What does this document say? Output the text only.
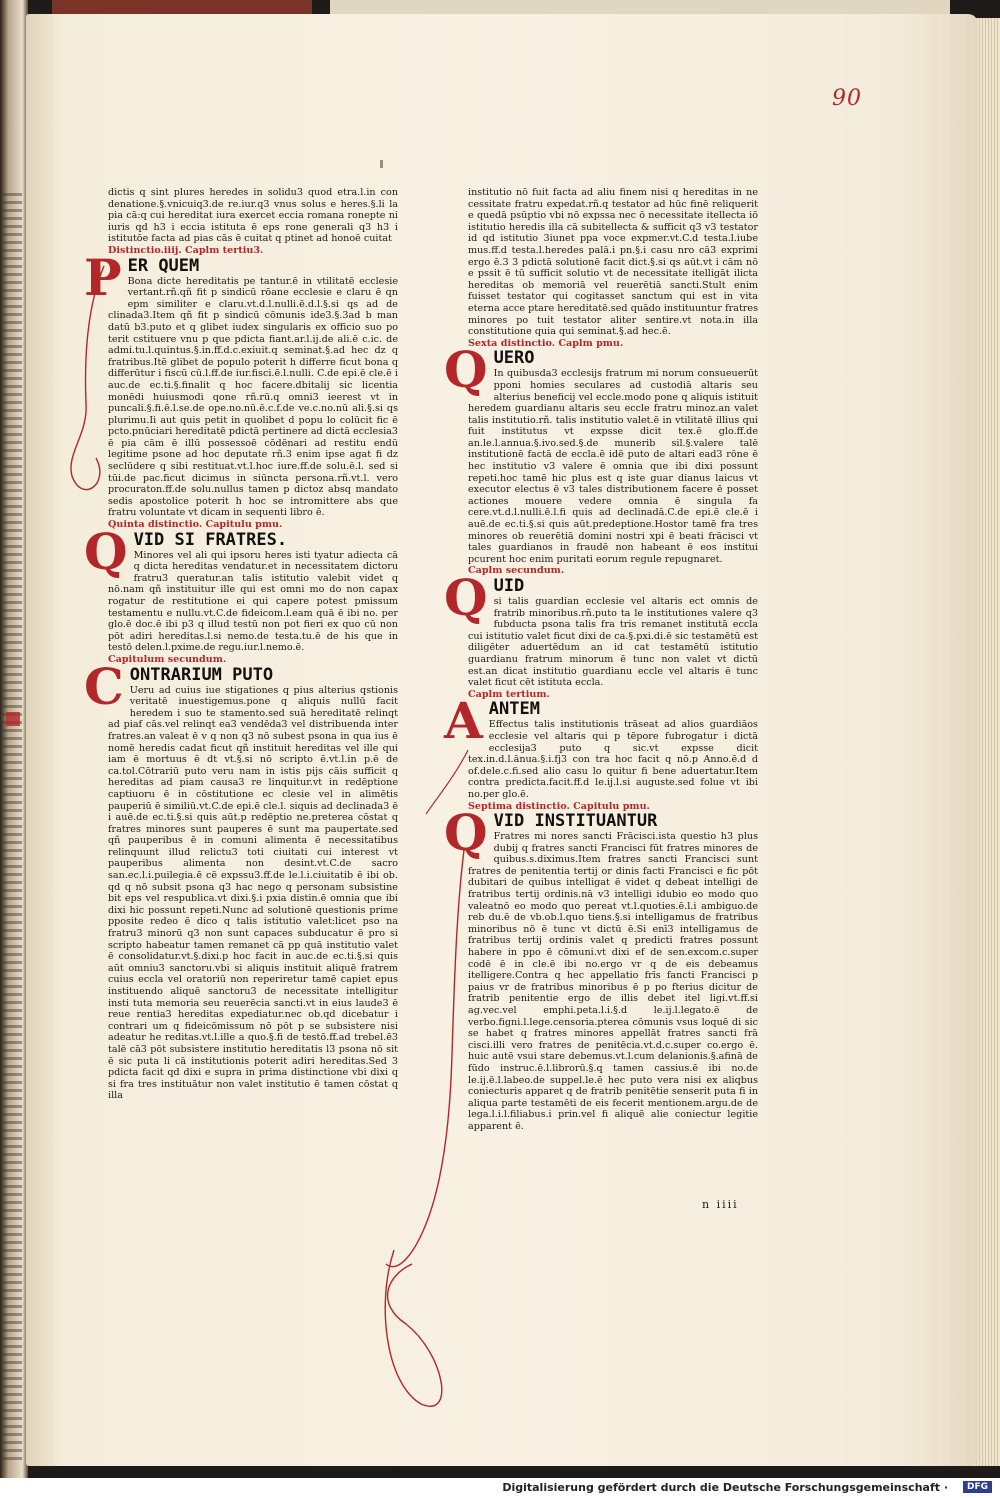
90
n iiii

dictis q sint plures heredes in solidu3 quod etra.l.in con denatione.§.vnicuiq3.de re.iur.q3 vnus solus e heres.§.li la pia cā:q cui hereditat iura exercet eccia romana ronepte ni iuris qd h3 i eccia istituta ē eps rone generali q3 h3 i istitutōe facta ad pias cās ē cuitat q ptinet ad honoē cuitat

Distinctio.iiij. Caplm tertiu3.

P ER QUEM
Bona dicte hereditatis pe tantur.ē in vtilitatē ecclesie vertant.rñ.qñ fit p sindicū rōane ecclesie e claru ē qn epm similiter e claru.vt.d.l.nulli.ē.d.l.§.si qs ad de clinada3.Item qñ fit p sindicū cōmunis ide3.§.3ad b man datū b3.puto et q glibet iudex singularis ex officio suo po terit cstituere vnu p que pdicta fiant.ar.l.ij.de ali.ē c.ic. de admi.tu.l.quintus.§.in.ff.d.c.exiuit.q seminat.§.ad hec dz q fratribus.Itē glibet de populo poterit h differre ficut bona q differūtur i fiscū cū.l.ff.de iur.fisci.ē.l.nulli. C.de epi.ē cle.ē i auc.de ec.ti.§.finalit q hoc facere.dbitalij sic licentia monēdi huiusmodi qone rñ.rū.q omni3 ieerest vt in puncali.§.fi.ē.l.se.de ope.no.nū.ē.c.f.de ve.c.no.nū ali.§.si qs plurimu.Ii aut quis petit in quolibet d popu lo colūcit fic ē pcto.pnūciari hereditatē pdictā pertinere ad dictā ecclesia3 ē pia cām ē illū possessoē cōdēnari ad restitu endū legitime psone ad hoc deputate rñ.3 enim ipse agat fi dz seclūdere q sibi restituat.vt.l.hoc iure.ff.de solu.ē.l. sed si tūi.de pac.ficut dicimus in siūncta persona.rñ.vt.l. vero procuraton.ff.de solu.nullus tamen p dictoz absq mandato sedis apostolice poterit h hoc se intromittere abs que fratru voluntate vt dicam in sequenti libro ē.

Quinta distinctio. Capitulu pmu.

Q VID SI FRATRES.
Minores vel ali qui ipsoru heres isti tyatur adiecta cā q dicta hereditas vendatur.et in necessitatem dictoru fratru3 queratur.an talis istitutio valebit videt q nō.nam qñ instituitur ille qui est omni mo do non capax rogatur de restitutione ei qui capere potest pmissum testamentu e nullu.vt.C.de fideicom.l.eam quā ē ibi no. per glo.ē doc.ē ibi p3 q illud testū non pot fieri ex quo cū non pōt adiri hereditas.l.si nemo.de testa.tu.ē de his que in testō delen.l.pxime.de regu.iur.l.nemo.ē.

Capitulum secundum.

C ONTRARIUM PUTO
Ueru ad cuius iue stigationes q pius alterius qstionis veritatē inuestigemus.pone q aliquis nullū facit heredem i suo te stamento.sed suā hereditatē relinqt ad piaf cās.vel relinqt ea3 vendēda3 vel distribuenda inter fratres.an valeat ē v q non q3 nō subest psona in qua ius ē nomē heredis cadat ficut qñ instituit hereditas vel ille qui iam ē mortuus ē dt vt.§.si nō scripto ē.vt.l.in p.ē de ca.tol.Cōtrariū puto veru nam in istis pijs cāis sufficit q hereditas ad piam causa3 re linquitur.vt in redēptione captiuoru ē in cōstitutione ec clesie vel in alimētis pauperiū ē similiū.vt.C.de epi.ē cle.l. siquis ad declinada3 ē i auē.de ec.ti.§.si quis aūt.p redēptio ne.preterea cōstat q fratres minores sunt pauperes ē sunt ma paupertate.sed qñ pauperibus ē in comuni alimenta ē necessitatibus relinquunt illud relictu3 toti ciuitati cui interest vt pauperibus alimenta non desint.vt.C.de sacro san.ec.l.i.puilegia.ē cē expssu3.ff.de le.l.i.ciuitatib ē ibi ob. qd q nō subsit psona q3 hac nego q personam subsistine bit eps vel respublica.vt dixi.§.i pxia distin.ē omnia que ibi dixi hic possunt repeti.Nunc ad solutionē questionis prime pposite redeo ē dico q talis istitutio valet:licet pso na fratru3 minorū q3 non sunt capaces subducatur ē pro si scripto habeatur tamen remanet cā pp quā institutio valet ē consolidatur.vt.§.dixi.p hoc facit in auc.de ec.ti.§.si quis aūt omniu3 sanctoru.vbi si aliquis instituit aliquē fratrem cuius eccla vel oratoriū non reperiretur tamē capiet epus instituendo aliquē sanctoru3 de necessitate intelligitur insti tuta memoria seu reuerēcia sancti.vt in eius laude3 ē reue rentia3 hereditas expediatur.nec ob.qd dicebatur i contrari um q fideicōmissum nō pōt p se subsistere nisi adeatur he reditas.vt.l.ille a quo.§.fi de testō.ff.ad trebel.ē3 talē cā3 pōt subsistere institutio hereditatis l3 psona nō sit ē sic puta li cā institutionis poterit adiri hereditas.Sed 3 pdicta facit qd dixi e supra in prima distinctione vbi dixi q si fra tres instituātur non valet institutio ē tamen cōstat q illa

institutio nō fuit facta ad aliu finem nisi q hereditas in ne cessitate fratru expedat.rñ.q testator ad hūc finē reliquerit e quedā psūptio vbi nō expssa nec ō necessitate itellecta iō istitutio heredis illa cā subitellecta & sufficit q3 v3 testator id qd istitutio 3iunet ppa voce expmer.vt.C.d testa.l.iube mus.ff.d testa.l.heredes palā.i pn.§.i casu nro cā3 exprimi ergo ē.3 3 pdictā solutionē facit dict.§.si qs aūt.vt i cām nō e pssit ē tū sufficit solutio vt de necessitate itelligāt ilicta hereditas ob memoriā vel reuerētiā sancti.Stult enim fuisset testator qui cogitasset sanctum qui est in vita eterna acce ptare hereditatē.sed quādo instituuntur fratres minores po tuit testator aliter sentire.vt nota.in illa constitutione quia qui seminat.§.ad hec.ē.

Sexta distinctio. Caplm pmu.

Q UERO
In quibusda3 ecclesijs fratrum mi norum consueuerūt pponi homies seculares ad custodiā altaris seu alterius beneficij vel eccle.modo pone q aliquis istituit heredem guardianu altaris seu eccle fratru minoz.an valet talis institutio.rñ. talis institutio valet.ē in vtilitatē illius qui fuit institutus vt expsse dicit tex.ē glo.ff.de an.le.l.annua.§.ivo.sed.§.de munerib sil.§.valere talē institutionē factā de eccla.ē idē puto de altari ead3 rōne ē hec institutio v3 valere ē omnia que ibi dixi possunt repeti.hoc tamē hic plus est q iste guar dianus laicus vt executor electus ē v3 tales distributionem facere ē posset actiones mouere vedere omnia ē singula fa cere.vt.d.l.nulli.ē.l.fi quis ad declinadā.C.de epi.ē cle.ē i auē.de ec.ti.§.si quis aūt.predeptione.Hostor tamē fra tres minores ob reuerētiā domini nostri xpi ē beati frācisci vt tales guardianos in fraudē non habeant ē eos institui pcurent hoc enim puritati eorum regule repugnaret.

Caplm secundum.

Q UID
si talis guardian ecclesie vel altaris ect omnis de fratrib minoribus.rñ.puto ta le institutiones valere q3 fubducta psona talis fra tris remanet institutā eccla cui istitutio valet ficut dixi de ca.§.pxi.di.ē sic testamētū est diligēter aduertēdum an id cat testamētū istitutio guardianu fratrum minorum ē tunc non valet vt dictū est.an dicat institutio guardianu eccle vel altaris ē tunc valet ficut cēt istituta eccla.

Caplm tertium.

A ANTEM
Effectus talis institutionis trāseat ad alios guardiāos ecclesie vel altaris qui p tēpore fubrogatur i dictā ecclesija3 puto q sic.vt expsse dicit tex.in.d.l.ānua.§.i.fj3 con tra hoc facit q nō.p Anno.ē.d d of.dele.c.fi.sed alio casu lo quitur fi bene aduertatur.Item contra predicta.facit.ff.d le.ij.l.si auguste.sed folue vt ibi no.per glo.ē.

Septima distinctio. Capitulu pmu.

Q VID INSTITUANTUR
Fratres mi nores sancti Frācisci.ista questio h3 plus dubij q fratres sancti Francisci fūt fratres minores de quibus.s.diximus.Item fratres sancti Francisci sunt fratres de penitentia tertij or dinis facti Francisci e fic pōt dubitari de quibus intelligat ē videt q debeat intelligi de fratribus tertij ordinis.nā v3 intelligi idubio eo modo quo valeatnō eo modo quo pereat vt.l.quoties.ē.l.i ambiguo.de reb du.ē de vb.ob.l.quo tiens.§.si intelligamus de fratribus minoribus nō ē tunc vt dictū ē.Si enī3 intelligamus de fratribus tertij ordinis valet q predicti fratres possunt habere in ppo ē cōmuni.vt dixi ef de sen.excom.c.super codē ē in cle.ē ibi no.ergo vr q de eis debeamus itelligere.Contra q hec appellatio frīs fancti Francisci p paius vr de fratribus minoribus ē p po fterius dicitur de fratrib penitentie ergo de illis debet itel ligi.vt.ff.si ag.vec.vel emphi.peta.l.i.§.d le.ij.l.legato.ē de verbo.figni.l.lege.censoria.pterea cōmunis vsus loquē di sic se habet q fratres minores appellāt fratres sancti frā cisci.illi vero fratres de penitēcia.vt.d.c.super co.ergo ē. huic autē vsui stare debemus.vt.l.cum delanionis.§.afinā de fūdo instruc.ē.l.librorū.§.q tamen cassius.ē ibi no.de le.ij.ē.l.labeo.de suppel.le.ē hec puto vera nisi ex aliqbus coniecturis apparet q de fratrib penitētie senserit puta fi in aliqua parte testamēti de eis fecerit mentionem.argu.de de lega.l.i.l.filiabus.i prin.vel fi aliquē alie coniectur legitie apparent ē.

Digitalisierung gefördert durch die Deutsche Forschungsgemeinschaft ·	DFG
